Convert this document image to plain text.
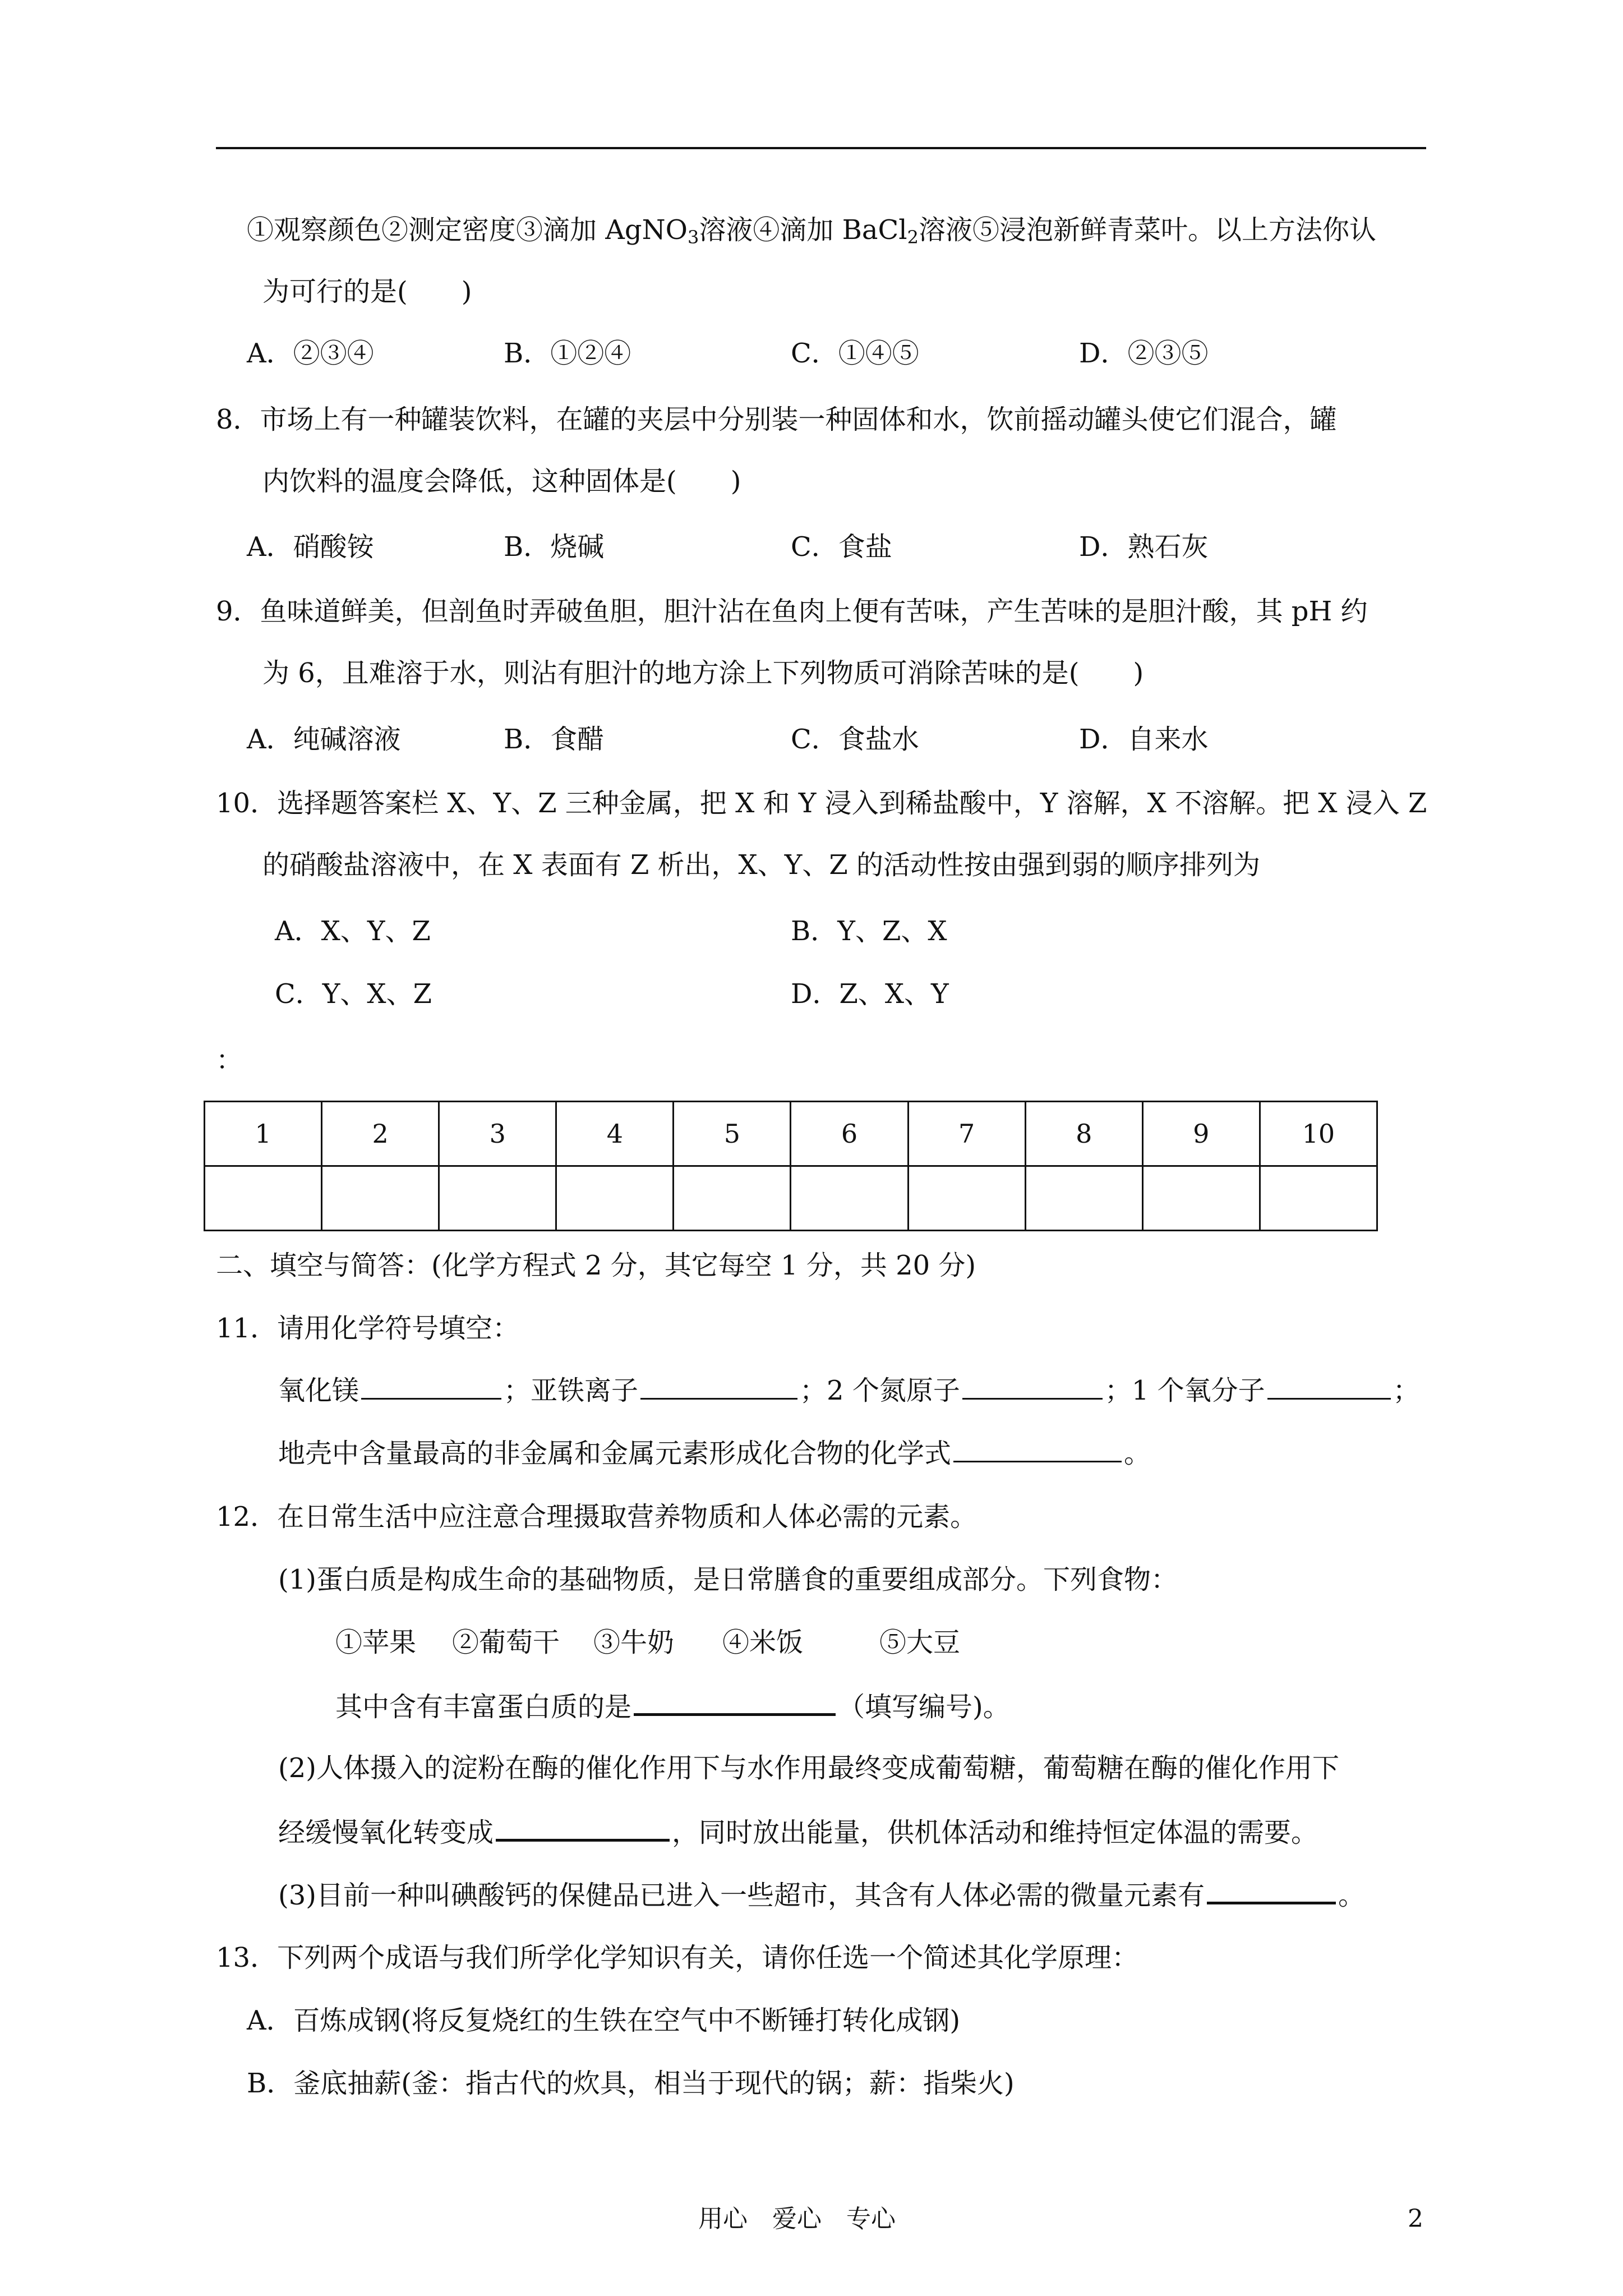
①观察颜色②测定密度③滴加 AgNO$_3$溶液④滴加 BaCl$_2$溶液⑤浸泡新鲜青菜叶。以上方法你认
为可行的是(　　)
A．②③④	B．①②④	C．①④⑤	D．②③⑤
8．市场上有一种罐装饮料，在罐的夹层中分别装一种固体和水，饮前摇动罐头使它们混合，罐
内饮料的温度会降低，这种固体是(　　)
A．硝酸铵	B．烧碱	C．食盐	D．熟石灰
9．鱼味道鲜美，但剖鱼时弄破鱼胆，胆汁沾在鱼肉上便有苦味，产生苦味的是胆汁酸，其 pH 约
为 6，且难溶于水，则沾有胆汁的地方涂上下列物质可消除苦味的是(　　)
A．纯碱溶液	B．食醋	C．食盐水	D．自来水
10．选择题答案栏 X、Y、Z 三种金属，把 X 和 Y 浸入到稀盐酸中，Y 溶解，X 不溶解。把 X 浸入 Z
的硝酸盐溶液中，在 X 表面有 Z 析出，X、Y、Z 的活动性按由强到弱的顺序排列为
A．X、Y、Z	B．Y、Z、X
C．Y、X、Z	D．Z、X、Y
：
1	2	3	4	5	6	7	8	9	10

二、填空与简答：(化学方程式 2 分，其它每空 1 分，共 20 分)
11．请用化学符号填空：
氧化镁	；亚铁离子	；2 个氮原子	；1 个氧分子	；
地壳中含量最高的非金属和金属元素形成化合物的化学式	。
12．在日常生活中应注意合理摄取营养物质和人体必需的元素。
(1)蛋白质是构成生命的基础物质，是日常膳食的重要组成部分。下列食物：
①苹果 ②葡萄干 ③牛奶 ④米饭	⑤大豆
其中含有丰富蛋白质的是	（填写编号)。
(2)人体摄入的淀粉在酶的催化作用下与水作用最终变成葡萄糖，葡萄糖在酶的催化作用下
经缓慢氧化转变成	，同时放出能量，供机体活动和维持恒定体温的需要。
(3)目前一种叫碘酸钙的保健品已进入一些超市，其含有人体必需的微量元素有	。
13．下列两个成语与我们所学化学知识有关，请你任选一个简述其化学原理：
A．百炼成钢(将反复烧红的生铁在空气中不断锤打转化成钢)
B．釜底抽薪(釜：指古代的炊具，相当于现代的锅；薪：指柴火)
用心　爱心　专心	2
